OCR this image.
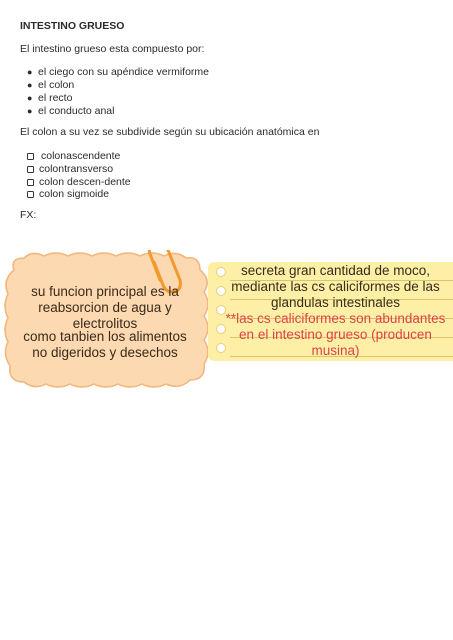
INTESTINO GRUESO
El intestino grueso esta compuesto por:
● el ciego con su apéndice vermiforme
● el colon
● el recto
● el conducto anal
El colon a su vez se subdivide según su ubicación anatómica en
colonascendente
colontransverso
colon descen-dente
colon sigmoide
FX:
su funcion principal es la
reabsorcion de agua y
electrolitos
como tanbien los alimentos
no digeridos y desechos
secreta gran cantidad de moco,
mediante las cs caliciformes de las
glandulas intestinales
**las cs caliciformes son abundantes
en el intestino grueso (producen
musina)
